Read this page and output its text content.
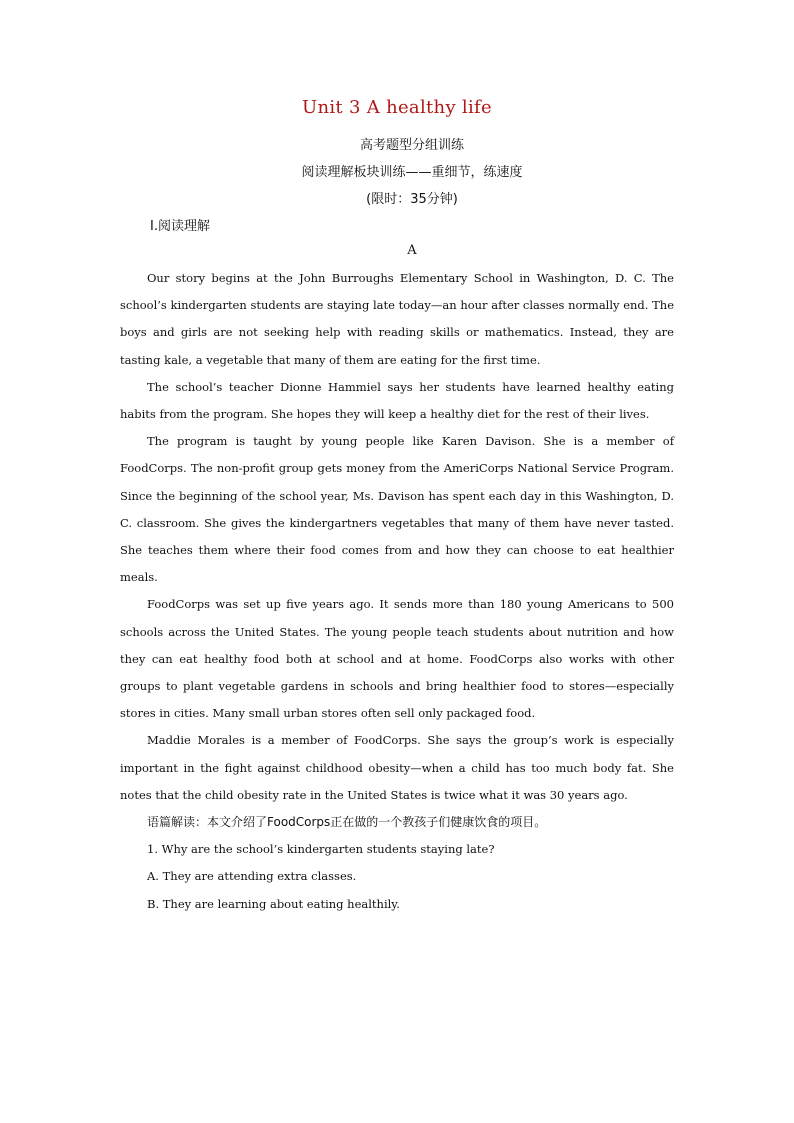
Unit 3 A healthy life
高考题型分组训练
阅读理解板块训练——重细节，练速度
(限时：35分钟)
Ⅰ.阅读理解
A

Our story begins at the John Burroughs Elementary School in Washington, D. C. The school’s kindergarten students are staying late today—an hour after classes normally end. The boys and girls are not seeking help with reading skills or mathematics. Instead, they are tasting kale, a vegetable that many of them are eating for the first time.

The school’s teacher Dionne Hammiel says her students have learned healthy eating habits from the program. She hopes they will keep a healthy diet for the rest of their lives.

The program is taught by young people like Karen Davison. She is a member of FoodCorps. The non-profit group gets money from the AmeriCorps National Service Program. Since the beginning of the school year, Ms. Davison has spent each day in this Washington, D. C. classroom. She gives the kindergartners vegetables that many of them have never tasted. She teaches them where their food comes from and how they can choose to eat healthier meals.

FoodCorps was set up five years ago. It sends more than 180 young Americans to 500 schools across the United States. The young people teach students about nutrition and how they can eat healthy food both at school and at home. FoodCorps also works with other groups to plant vegetable gardens in schools and bring healthier food to stores—especially stores in cities. Many small urban stores often sell only packaged food.

Maddie Morales is a member of FoodCorps. She says the group’s work is especially important in the fight against childhood obesity—when a child has too much body fat. She notes that the child obesity rate in the United States is twice what it was 30 years ago.

语篇解读：本文介绍了FoodCorps正在做的一个教孩子们健康饮食的项目。

1. Why are the school’s kindergarten students staying late?

A. They are attending extra classes.

B. They are learning about eating healthily.
